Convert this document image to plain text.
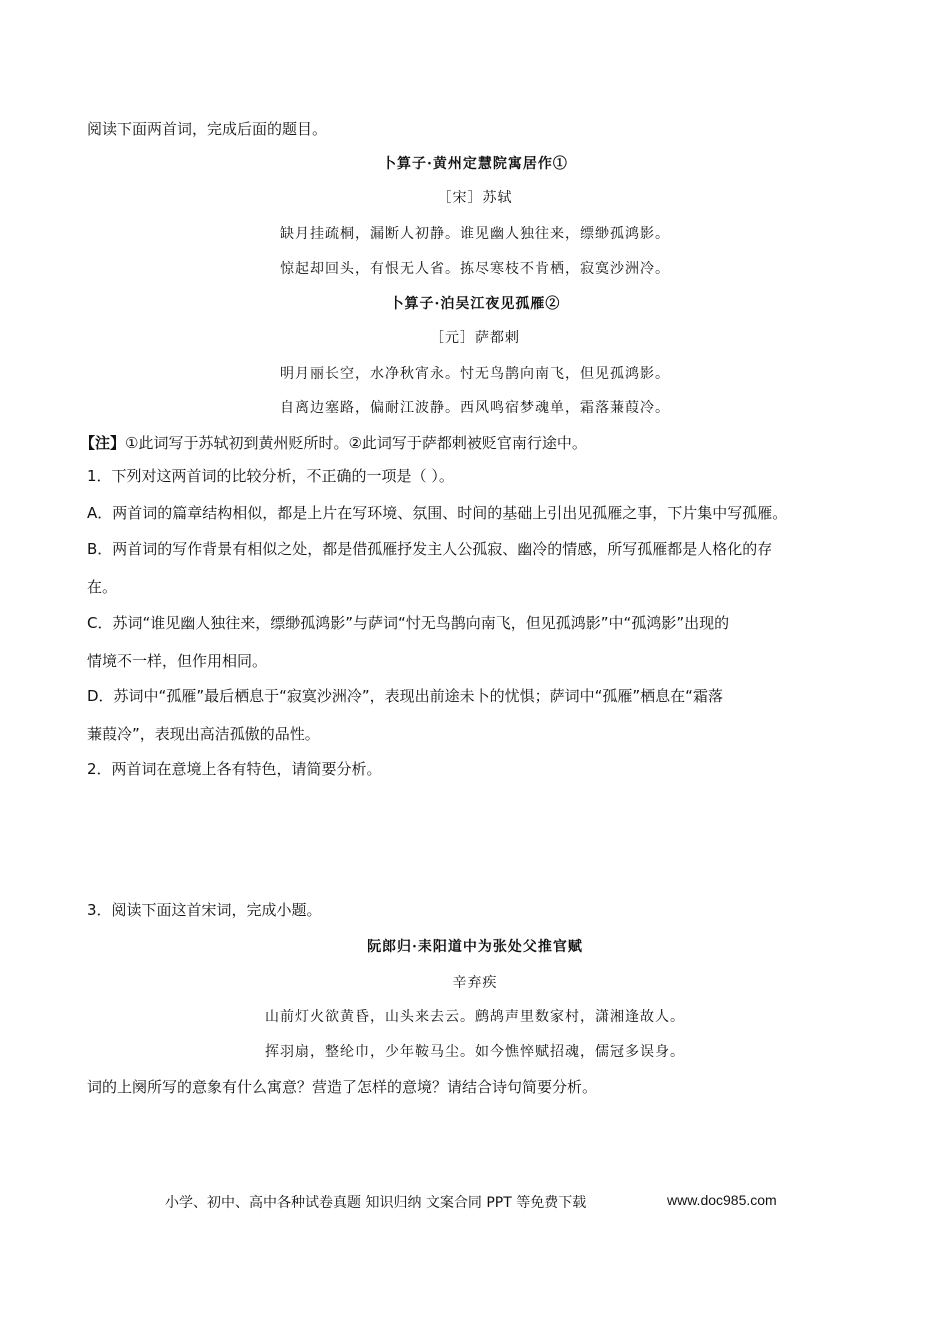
阅读下面两首词，完成后面的题目。
卜算子·黄州定慧院寓居作①
［宋］苏轼
缺月挂疏桐，漏断人初静。谁见幽人独往来，缥缈孤鸿影。
惊起却回头，有恨无人省。拣尽寒枝不肯栖，寂寞沙洲冷。
卜算子·泊吴江夜见孤雁②
［元］萨都剌
明月丽长空，水净秋宵永。忖无鸟鹊向南飞，但见孤鸿影。
自离边塞路，偏耐江波静。西风鸣宿梦魂单，霜落蒹葭冷。
【注】①此词写于苏轼初到黄州贬所时。②此词写于萨都剌被贬官南行途中。
1．下列对这两首词的比较分析，不正确的一项是（ ）。
A．两首词的篇章结构相似，都是上片在写环境、氛围、时间的基础上引出见孤雁之事，下片集中写孤雁。
B．两首词的写作背景有相似之处，都是借孤雁抒发主人公孤寂、幽冷的情感，所写孤雁都是人格化的存
在。
C．苏词“谁见幽人独往来，缥缈孤鸿影”与萨词“忖无鸟鹊向南飞，但见孤鸿影”中“孤鸿影”出现的
情境不一样，但作用相同。
D．苏词中“孤雁”最后栖息于“寂寞沙洲冷”，表现出前途未卜的忧惧；萨词中“孤雁”栖息在“霜落
蒹葭冷”，表现出高洁孤傲的品性。
2．两首词在意境上各有特色，请简要分析。
3．阅读下面这首宋词，完成小题。
阮郎归·耒阳道中为张处父推官赋
辛弃疾
山前灯火欲黄昏，山头来去云。鹧鸪声里数家村，潇湘逢故人。
挥羽扇，整纶巾，少年鞍马尘。如今憔悴赋招魂，儒冠多误身。
词的上阕所写的意象有什么寓意？营造了怎样的意境？请结合诗句简要分析。
小学、初中、高中各种试卷真题 知识归纳 文案合同 PPT 等免费下载	www.doc985.com
